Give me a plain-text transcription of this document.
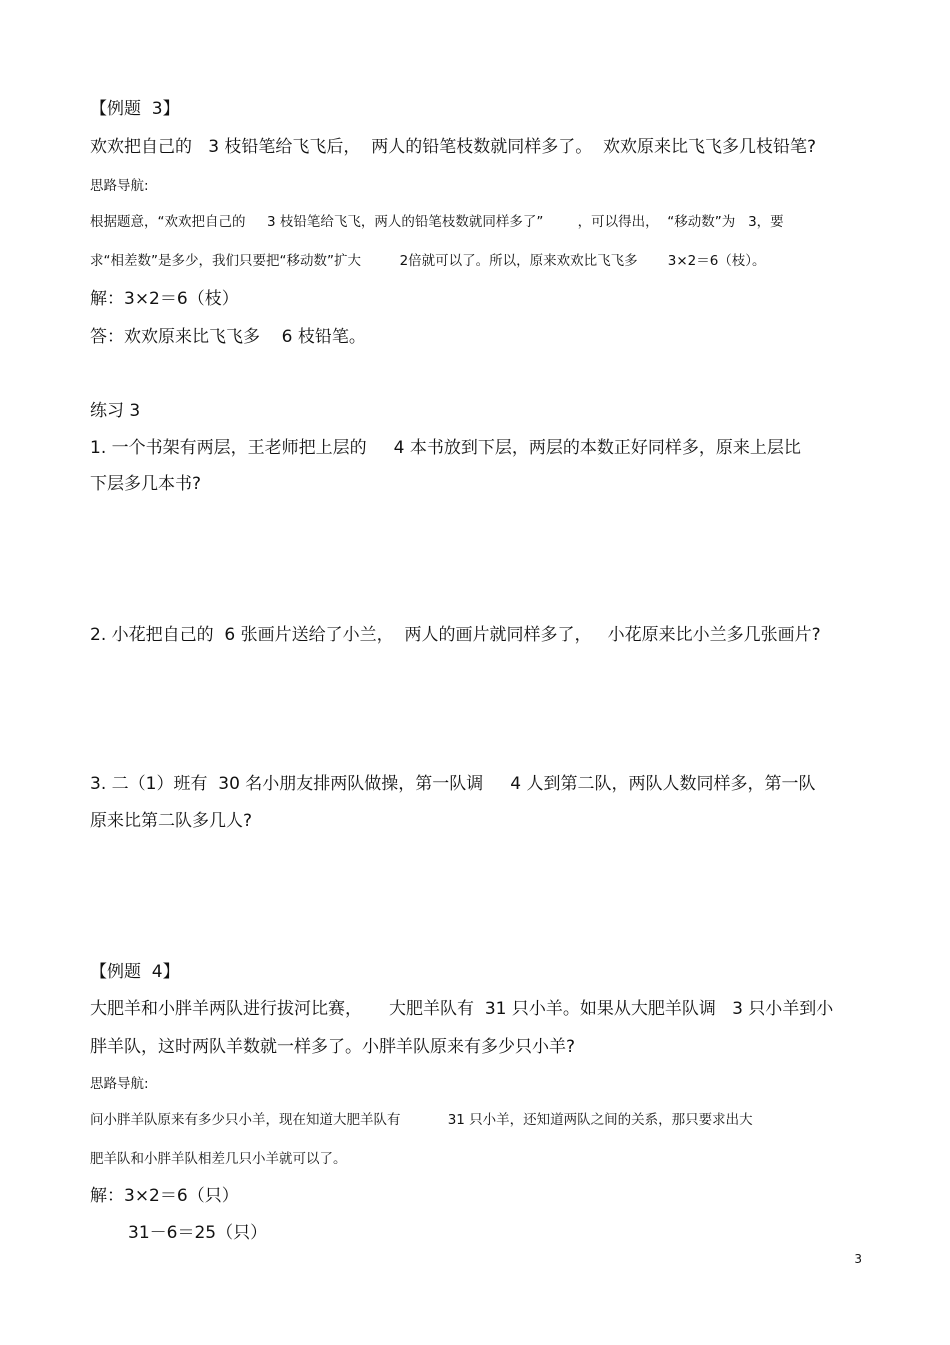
【例题  3】
欢欢把自己的   3 枝铅笔给飞飞后，  两人的铅笔枝数就同样多了。  欢欢原来比飞飞多几枝铅笔?
思路导航:
根据题意，“欢欢把自己的     3 枝铅笔给飞飞，两人的铅笔枝数就同样多了”        ，可以得出，  “移动数”为   3，要
求“相差数”是多少，我们只要把“移动数”扩大         2倍就可以了。所以，原来欢欢比飞飞多       3×2＝6（枝）。
解：3×2＝6（枝）
答：欢欢原来比飞飞多    6 枝铅笔。
练习 3
1. 一个书架有两层，王老师把上层的     4 本书放到下层，两层的本数正好同样多，原来上层比
下层多几本书?
2. 小花把自己的  6 张画片送给了小兰，  两人的画片就同样多了，   小花原来比小兰多几张画片?
3. 二（1）班有  30 名小朋友排两队做操，第一队调     4 人到第二队，两队人数同样多，第一队
原来比第二队多几人?
【例题  4】
大肥羊和小胖羊两队进行拔河比赛，     大肥羊队有  31 只小羊。如果从大肥羊队调   3 只小羊到小
胖羊队，这时两队羊数就一样多了。小胖羊队原来有多少只小羊?
思路导航:
问小胖羊队原来有多少只小羊，现在知道大肥羊队有           31 只小羊，还知道两队之间的关系，那只要求出大
肥羊队和小胖羊队相差几只小羊就可以了。
解：3×2＝6（只）
31－6＝25（只）
3
